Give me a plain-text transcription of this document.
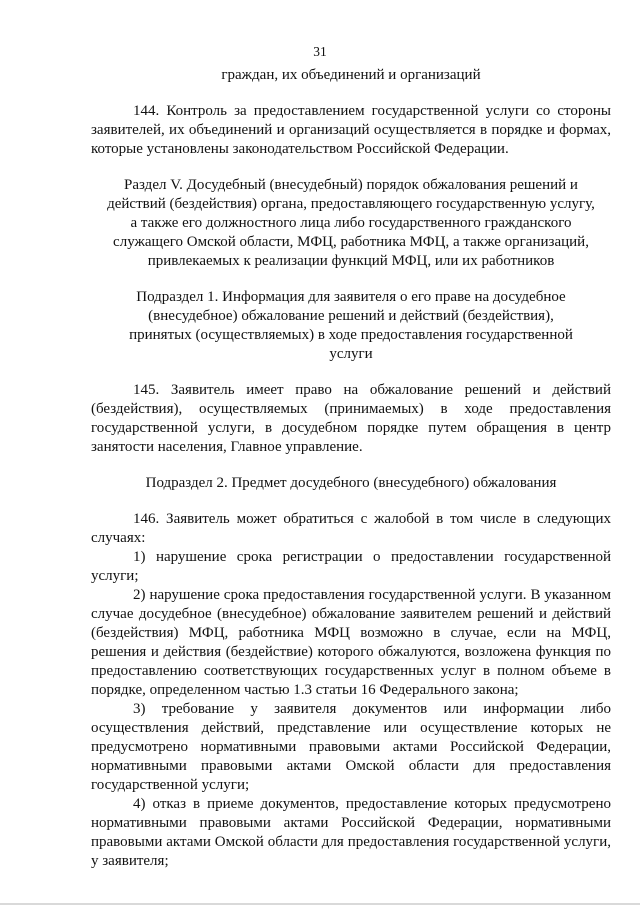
31

граждан, их объединений и организаций

144. Контроль за предоставлением государственной услуги со стороны заявителей, их объединений и организаций осуществляется в порядке и формах, которые установлены законодательством Российской Федерации.

Раздел V. Досудебный (внесудебный) порядок обжалования решений и действий (бездействия) органа, предоставляющего государственную услугу, а также его должностного лица либо государственного гражданского служащего Омской области, МФЦ, работника МФЦ, а также организаций, привлекаемых к реализации функций МФЦ, или их работников

Подраздел 1. Информация для заявителя о его праве на досудебное (внесудебное) обжалование решений и действий (бездействия), принятых (осуществляемых) в ходе предоставления государственной услуги

145. Заявитель имеет право на обжалование решений и действий (бездействия), осуществляемых (принимаемых) в ходе предоставления государственной услуги, в досудебном порядке путем обращения в центр занятости населения, Главное управление.

Подраздел 2. Предмет досудебного (внесудебного) обжалования

146. Заявитель может обратиться с жалобой в том числе в следующих случаях:

1) нарушение срока регистрации о предоставлении государственной услуги;

2) нарушение срока предоставления государственной услуги. В указанном случае досудебное (внесудебное) обжалование заявителем решений и действий (бездействия) МФЦ, работника МФЦ возможно в случае, если на МФЦ, решения и действия (бездействие) которого обжалуются, возложена функция по предоставлению соответствующих государственных услуг в полном объеме в порядке, определенном частью 1.3 статьи 16 Федерального закона;

3) требование у заявителя документов или информации либо осуществления действий, представление или осуществление которых не предусмотрено нормативными правовыми актами Российской Федерации, нормативными правовыми актами Омской области для предоставления государственной услуги;

4) отказ в приеме документов, предоставление которых предусмотрено нормативными правовыми актами Российской Федерации, нормативными правовыми актами Омской области для предоставления государственной услуги, у заявителя;
